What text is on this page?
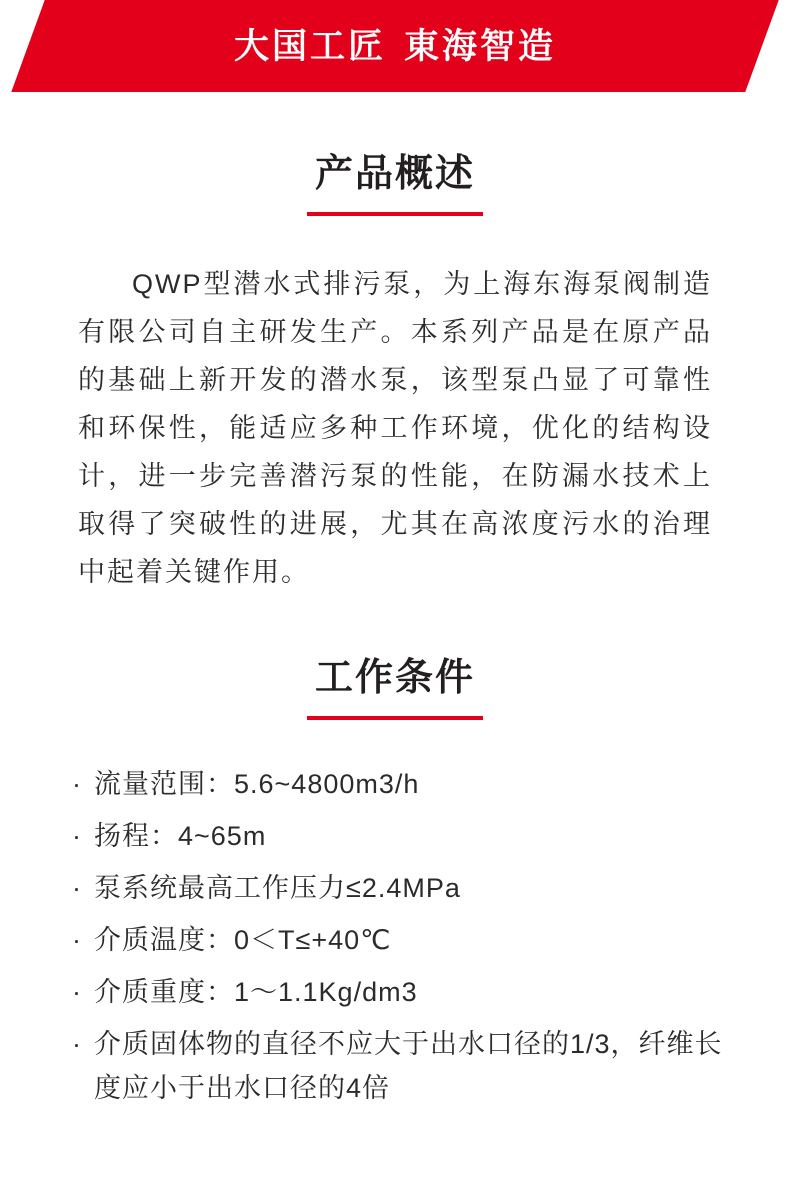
大国工匠 東海智造
产品概述

QWP型潜水式排污泵，为上海东海泵阀制造有限公司自主研发生产。本系列产品是在原产品的基础上新开发的潜水泵，该型泵凸显了可靠性和环保性，能适应多种工作环境，优化的结构设计，进一步完善潜污泵的性能，在防漏水技术上取得了突破性的进展，尤其在高浓度污水的治理中起着关键作用。

工作条件
· 流量范围：5.6~4800m3/h
· 扬程：4~65m
· 泵系统最高工作压力≤2.4MPa
· 介质温度：0＜T≤+40℃
· 介质重度：1～1.1Kg/dm3
· 介质固体物的直径不应大于出水口径的1/3，纤维长度应小于出水口径的4倍
